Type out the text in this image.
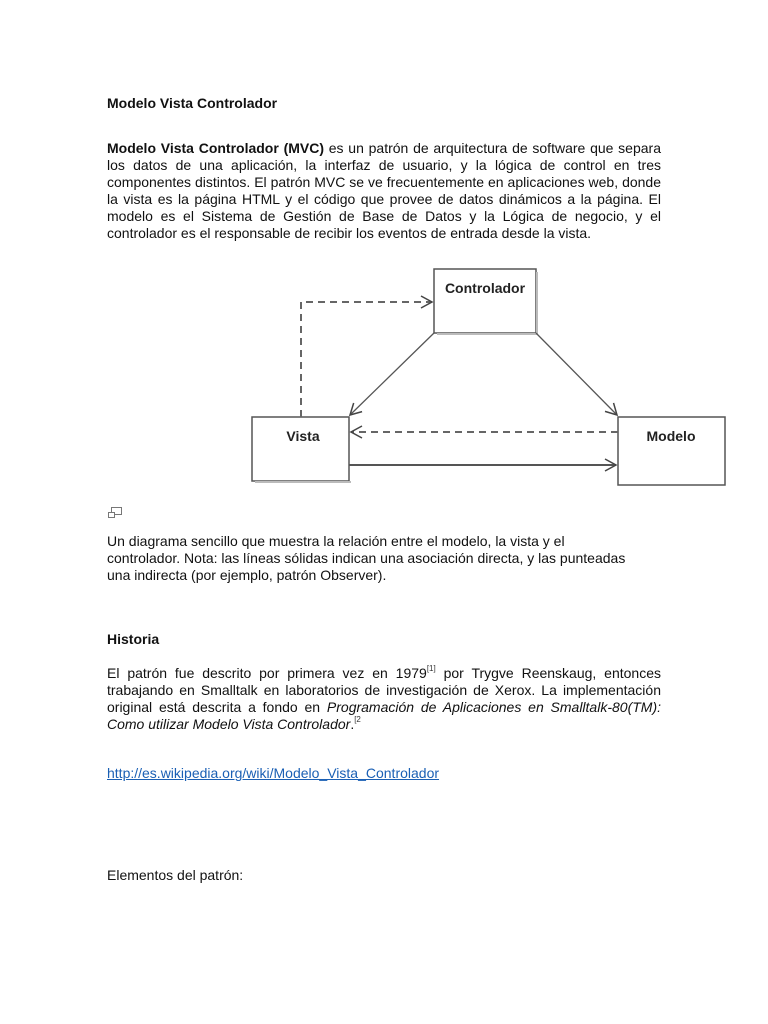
Modelo Vista Controlador
Modelo Vista Controlador (MVC) es un patrón de arquitectura de software que separa los datos de una aplicación, la interfaz de usuario, y la lógica de control en tres componentes distintos. El patrón MVC se ve frecuentemente en aplicaciones web, donde la vista es la página HTML y el código que provee de datos dinámicos a la página. El modelo es el Sistema de Gestión de Base de Datos y la Lógica de negocio, y el controlador es el responsable de recibir los eventos de entrada desde la vista.
Controlador
Vista	Modelo
Un diagrama sencillo que muestra la relación entre el modelo, la vista y el controlador. Nota: las líneas sólidas indican una asociación directa, y las punteadas una indirecta (por ejemplo, patrón Observer).
Historia
El patrón fue descrito por primera vez en 1979[1] por Trygve Reenskaug, entonces trabajando en Smalltalk en laboratorios de investigación de Xerox. La implementación original está descrita a fondo en Programación de Aplicaciones en Smalltalk-80(TM): Como utilizar Modelo Vista Controlador.$^{[2}$
http://es.wikipedia.org/wiki/Modelo_Vista_Controlador
Elementos del patrón:
